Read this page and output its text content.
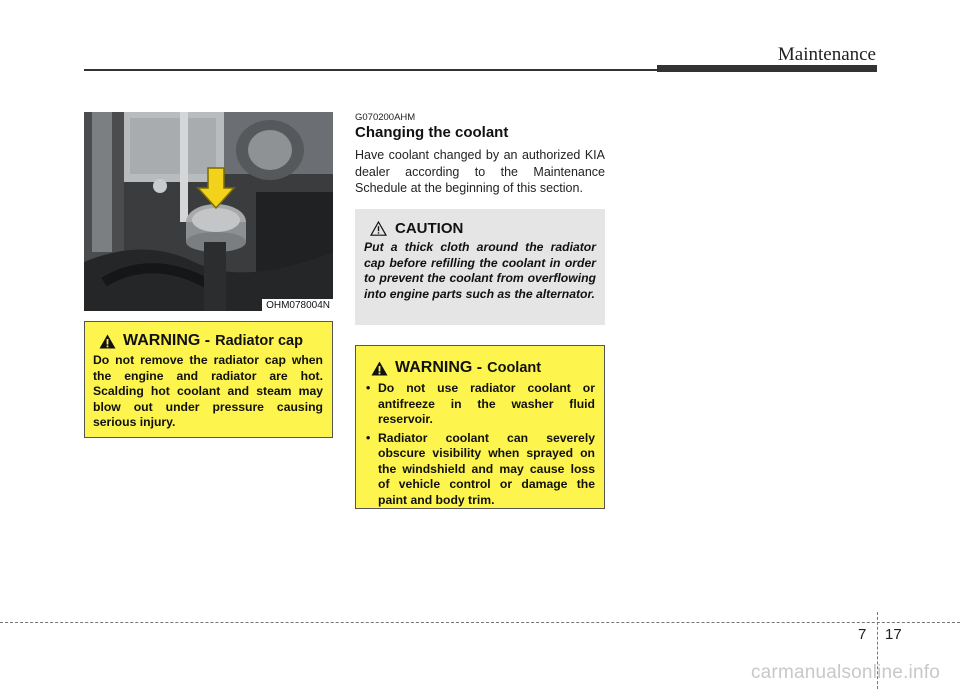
Maintenance
OHM078004N
WARNING - Radiator cap
Do not remove the radiator cap when the engine and radiator are hot. Scalding hot coolant and steam may blow out under pressure causing serious injury.
G070200AHM
Changing the coolant
Have coolant changed by an authorized KIA dealer according to the Maintenance Schedule at the beginning of this section.
CAUTION
Put a thick cloth around the radiator cap before refilling the coolant in order to prevent the coolant from overflowing into engine parts such as the alternator.
WARNING - Coolant
• Do not use radiator coolant or antifreeze in the washer fluid reservoir.
• Radiator coolant can severely obscure visibility when sprayed on the windshield and may cause loss of vehicle control or damage the paint and body trim.
7 17
carmanualsonline.info
